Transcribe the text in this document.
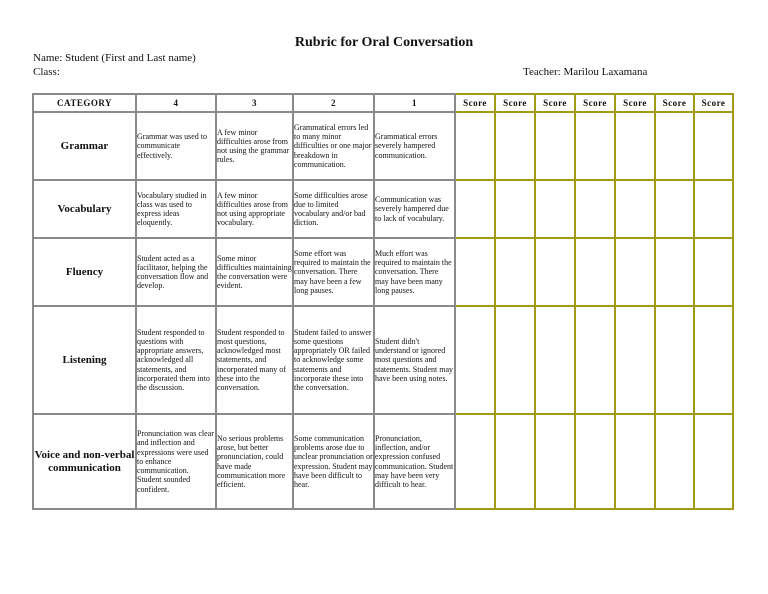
Rubric for Oral Conversation
Name: Student (First and Last name)
Class:	Teacher: Marilou Laxamana
CATEGORY	4	3	2	1	Score	Score	Score	Score	Score	Score	Score
Grammar	Grammar was used to communicate effectively.	A few minor difficulties arose from not using the grammar rules.	Grammatical errors led to many minor difficulties or one major breakdown in communication.	Grammatical errors severely hampered communication.							
Vocabulary	Vocabulary studied in class was used to express ideas eloquently.	A few minor difficulties arose from not using appropriate vocabulary.	Some difficulties arose due to limited vocabulary and/or bad diction.	Communication was severely hampered due to lack of vocabulary.							
Fluency	Student acted as a facilitator, helping the conversation flow and develop.	Some minor difficulties maintaining the conversation were evident.	Some effort was required to maintain the conversation. There may have been a few long pauses.	Much effort was required to maintain the conversation. There may have been many long pauses.							
Listening	Student responded to questions with appropriate answers, acknowledged all statements, and incorporated them into the discussion.	Student responded to most questions, acknowledged most statements, and incorporated many of these into the conversation.	Student failed to answer some questions appropriately OR failed to acknowledge some statements and incorporate these into the conversation.	Student didn't understand or ignored most questions and statements. Student may have been using notes.							
Voice and non-verbal communication	Pronunciation was clear and inflection and expressions were used to enhance communication. Student sounded confident.	No serious problems arose, but better pronunciation, could have made communication more efficient.	Some communication problems arose due to unclear pronunciation or expression. Student may have been difficult to hear.	Pronunciation, inflection, and/or expression confused communication. Student may have been very difficult to hear.							
